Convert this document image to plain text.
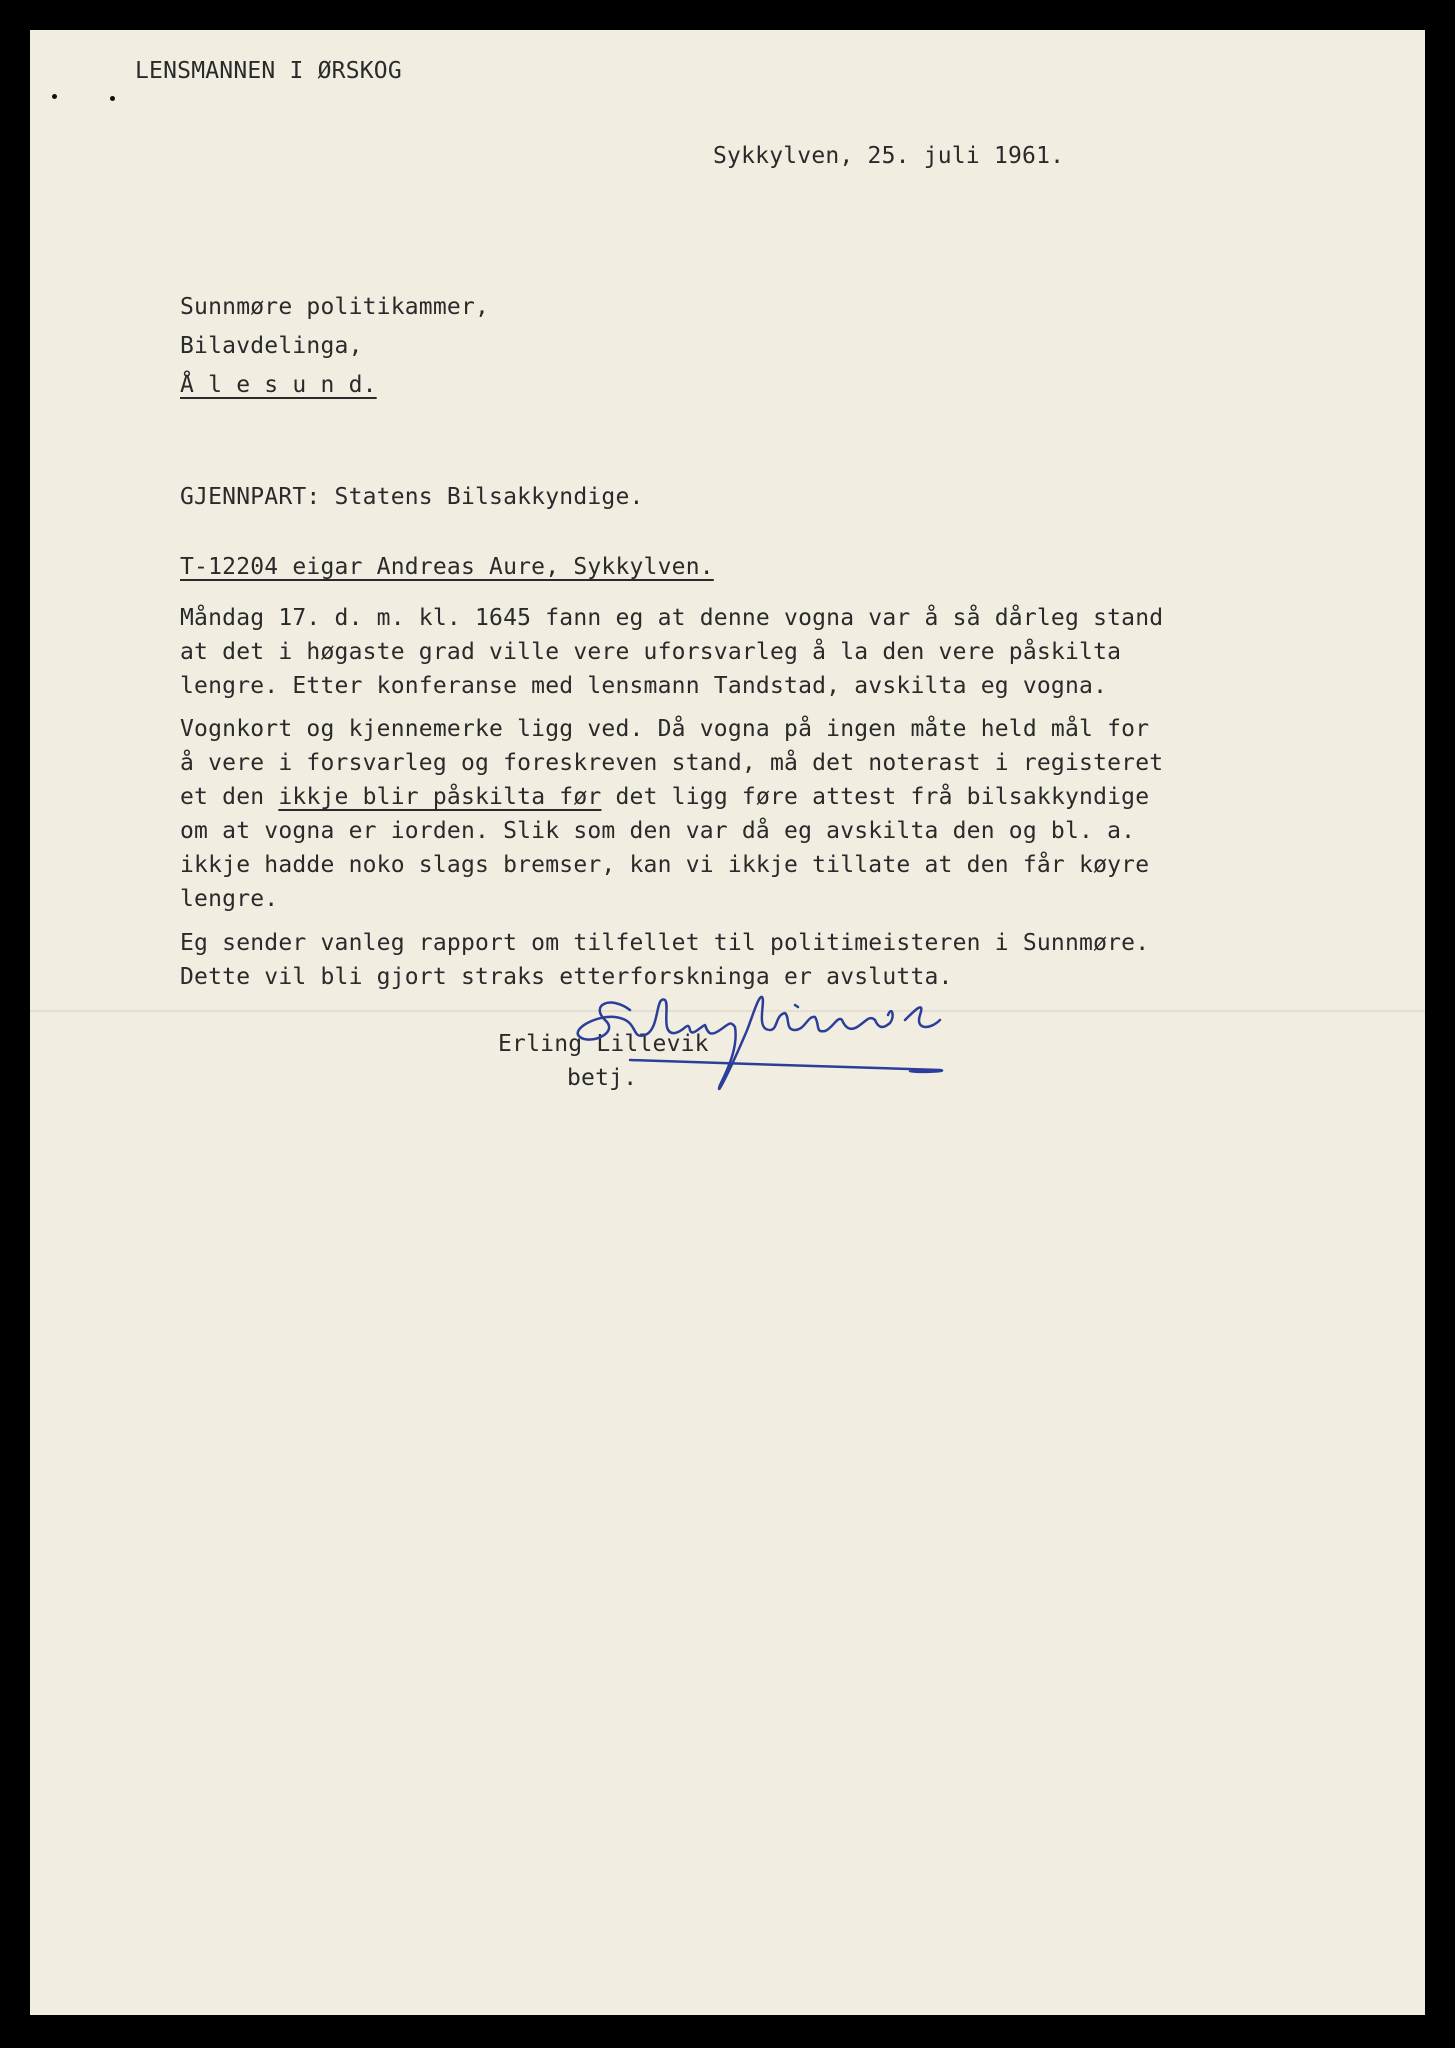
LENSMANNEN I ØRSKOG
Sykkylven, 25. juli 1961.
Sunnmøre politikammer,
Bilavdelinga,
Å l e s u n d.
GJENNPART: Statens Bilsakkyndige.
T-12204 eigar Andreas Aure, Sykkylven.
Måndag 17. d. m. kl. 1645 fann eg at denne vogna var å så dårleg stand
at det i høgaste grad ville vere uforsvarleg å la den vere påskilta
lengre. Etter konferanse med lensmann Tandstad, avskilta eg vogna.
Vognkort og kjennemerke ligg ved. Då vogna på ingen måte held mål for
å vere i forsvarleg og foreskreven stand, må det noterast i registeret
et den ikkje blir påskilta før det ligg føre attest frå bilsakkyndige
om at vogna er iorden. Slik som den var då eg avskilta den og bl. a.
ikkje hadde noko slags bremser, kan vi ikkje tillate at den får køyre
lengre.
Eg sender vanleg rapport om tilfellet til politimeisteren i Sunnmøre.
Dette vil bli gjort straks etterforskninga er avslutta.
Erling Lillevik
betj.
